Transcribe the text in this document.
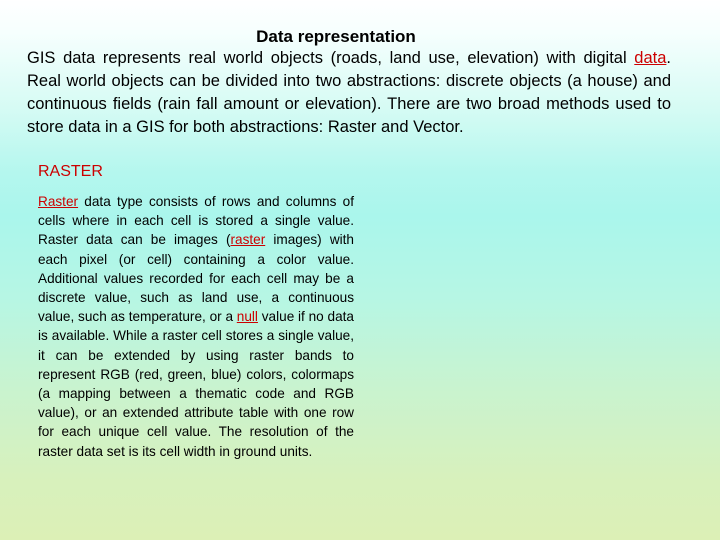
Data representation

GIS data represents real world objects (roads, land use, elevation) with digital data. Real world objects can be divided into two abstractions: discrete objects (a house) and continuous fields (rain fall amount or elevation). There are two broad methods used to store data in a GIS for both abstractions: Raster and Vector.

RASTER

Raster data type consists of rows and columns of cells where in each cell is stored a single value. Raster data can be images (raster images) with each pixel (or cell) containing a color value. Additional values recorded for each cell may be a discrete value, such as land use, a continuous value, such as temperature, or a null value if no data is available. While a raster cell stores a single value, it can be extended by using raster bands to represent RGB (red, green, blue) colors, colormaps (a mapping between a thematic code and RGB value), or an extended attribute table with one row for each unique cell value. The resolution of the raster data set is its cell width in ground units.
